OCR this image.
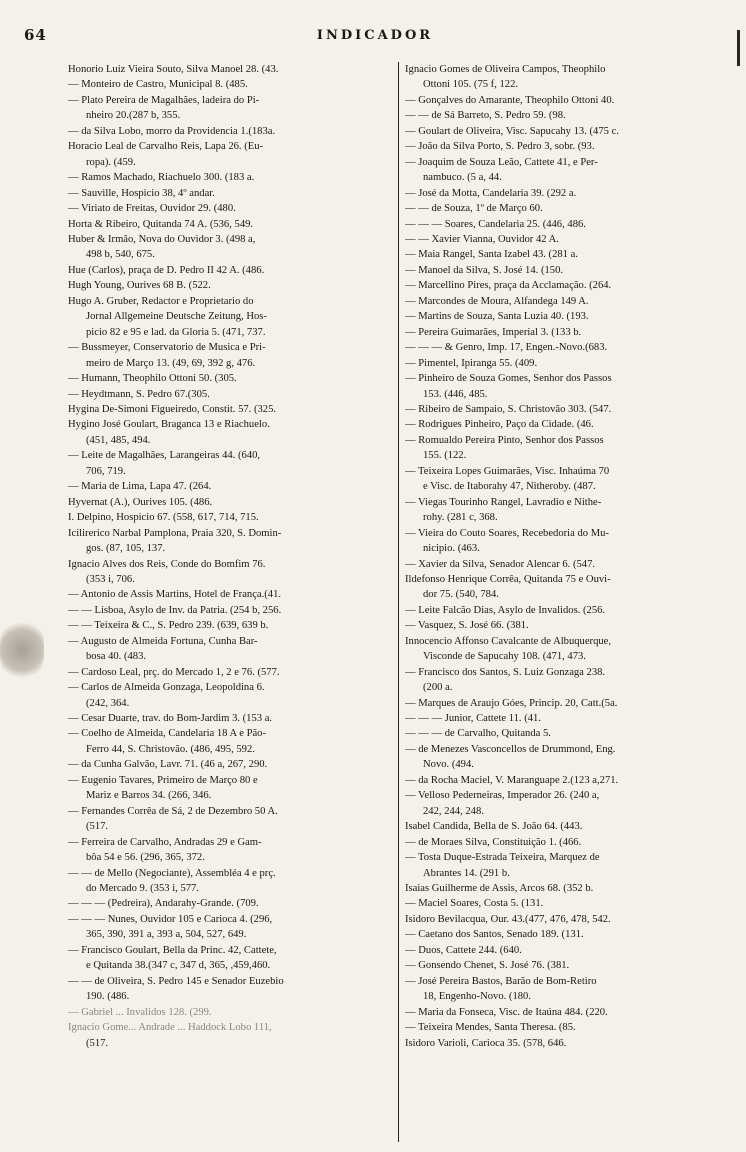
64	INDICADOR
Honorio Luiz Vieira Souto, Silva Manoel 28. (43.
— Monteiro de Castro, Municipal 8. (485.
— Plato Pereira de Magalhães, ladeira do Pi-
nheiro 20.(287 b, 355.
— da Silva Lobo, morro da Providencia 1.(183a.
Horacio Leal de Carvalho Reis, Lapa 26. (Eu-
ropa). (459.
— Ramos Machado, Riachuelo 300. (183 a.
— Sauville, Hospicio 38, 4º andar.
— Viriato de Freitas, Ouvidor 29. (480.
Horta & Ribeiro, Quitanda 74 A. (536, 549.
Huber & Irmão, Nova do Ouvidor 3. (498 a,
498 b, 540, 675.
Hue (Carlos), praça de D. Pedro II 42 A. (486.
Hugh Young, Ourives 68 B. (522.
Hugo A. Gruber, Redactor e Proprietario do
Jornal Allgemeine Deutsche Zeitung, Hos-
picio 82 e 95 e lad. da Gloria 5. (471, 737.
— Bussmeyer, Conservatorio de Musica e Pri-
meiro de Março 13. (49, 69, 392 g, 476.
— Humann, Theophilo Ottoni 50. (305.
— Heydtmann, S. Pedro 67.(305.
Hygina De-Simoni Figueiredo, Constit. 57. (325.
Hygino José Goulart, Braganca 13 e Riachuelo.
(451, 485, 494.
— Leite de Magalhães, Larangeiras 44. (640,
706, 719.
— Maria de Lima, Lapa 47. (264.
Hyvernat (A.), Ourives 105. (486.
I. Delpino, Hospicio 67. (558, 617, 714, 715.
Icilirerico Narbal Pamplona, Praia 320, S. Domin-
gos. (87, 105, 137.
Ignacio Alves dos Reis, Conde do Bomfim 76.
(353 i, 706.
— Antonio de Assis Martins, Hotel de França.(41.
— — Lisboa, Asylo de Inv. da Patria. (254 b, 256.
— — Teixeira & C., S. Pedro 239. (639, 639 b.
— Augusto de Almeida Fortuna, Cunha Bar-
bosa 40. (483.
— Cardoso Leal, prç. do Mercado 1, 2 e 76. (577.
— Carlos de Almeida Gonzaga, Leopoldina 6.
(242, 364.
— Cesar Duarte, trav. do Bom-Jardim 3. (153 a.
— Coelho de Almeida, Candelaria 18 A e Pão-
Ferro 44, S. Christovão. (486, 495, 592.
— da Cunha Galvão, Lavr. 71. (46 a, 267, 290.
— Eugenio Tavares, Primeiro de Março 80 e
Mariz e Barros 34. (266, 346.
— Fernandes Corrêa de Sá, 2 de Dezembro 50 A.
(517.
— Ferreira de Carvalho, Andradas 29 e Gam-
bôa 54 e 56. (296, 365, 372.
— — de Mello (Negociante), Assembléa 4 e prç.
do Mercado 9. (353 i, 577.
— — — (Pedreira), Andarahy-Grande. (709.
— — — Nunes, Ouvidor 105 e Carioca 4. (296,
365, 390, 391 a, 393 a, 504, 527, 649.
— Francisco Goulart, Bella da Princ. 42, Cattete,
e Quitanda 38.(347 c, 347 d, 365, ,459,460.
— — de Oliveira, S. Pedro 145 e Senador Euzebio
190. (486.
— Gabriel ... Invalidos 128. (299.
Ignacio Gome... Andrade ... Haddock Lobo 111,
(517.
Ignacio Gomes de Oliveira Campos, Theophilo
Ottoni 105. (75 f, 122.
— Gonçalves do Amarante, Theophilo Ottoni 40.
— — de Sá Barreto, S. Pedro 59. (98.
— Goulart de Oliveira, Visc. Sapucahy 13. (475 c.
— João da Silva Porto, S. Pedro 3, sobr. (93.
— Joaquim de Souza Leão, Cattete 41, e Per-
nambuco. (5 a, 44.
— José da Motta, Candelaria 39. (292 a.
— — de Souza, 1º de Março 60.
— — — Soares, Candelaria 25. (446, 486.
— — Xavier Vianna, Ouvidor 42 A.
— Maia Rangel, Santa Izabel 43. (281 a.
— Manoel da Silva, S. José 14. (150.
— Marcellino Pires, praça da Acclamação. (264.
— Marcondes de Moura, Alfandega 149 A.
— Martins de Souza, Santa Luzia 40. (193.
— Pereira Guimarães, Imperial 3. (133 b.
— — — & Genro, Imp. 17, Engen.-Novo.(683.
— Pimentel, Ipiranga 55. (409.
— Pinheiro de Souza Gomes, Senhor dos Passos
153. (446, 485.
— Ribeiro de Sampaio, S. Christovão 303. (547.
— Rodrigues Pinheiro, Paço da Cidade. (46.
— Romualdo Pereira Pinto, Senhor dos Passos
155. (122.
— Teixeira Lopes Guimarães, Visc. Inhaúma 70
e Visc. de Itaborahy 47, Nitheroby. (487.
— Viegas Tourinho Rangel, Lavradio e Nithe-
rohy. (281 c, 368.
— Vieira do Couto Soares, Recebedoria do Mu-
nicipio. (463.
— Xavier da Silva, Senador Alencar 6. (547.
Ildefonso Henrique Corrêa, Quitanda 75 e Ouvi-
dor 75. (540, 784.
— Leite Falcão Dias, Asylo de Invalidos. (256.
— Vasquez, S. José 66. (381.
Innocencio Affonso Cavalcante de Albuquerque,
Visconde de Sapucahy 108. (471, 473.
— Francisco dos Santos, S. Luiz Gonzaga 238.
(200 a.
— Marques de Araujo Góes, Princip. 20, Catt.(5a.
— — — Junior, Cattete 11. (41.
— — — de Carvalho, Quitanda 5.
— de Menezes Vasconcellos de Drummond, Eng.
Novo. (494.
— da Rocha Maciel, V. Maranguape 2.(123 a,271.
— Velloso Pederneiras, Imperador 26. (240 a,
242, 244, 248.
Isabel Candida, Bella de S. João 64. (443.
— de Moraes Silva, Constituição 1. (466.
— Tosta Duque-Estrada Teixeira, Marquez de
Abrantes 14. (291 b.
Isaias Guilherme de Assis, Arcos 68. (352 b.
— Maciel Soares, Costa 5. (131.
Isidoro Bevilacqua, Our. 43.(477, 476, 478, 542.
— Caetano dos Santos, Senado 189. (131.
— Duos, Cattete 244. (640.
— Gonsendo Chenet, S. José 76. (381.
— José Pereira Bastos, Barão de Bom-Retiro
18, Engenho-Novo. (180.
— Maria da Fonseca, Visc. de Itaúna 484. (220.
— Teixeira Mendes, Santa Theresa. (85.
Isidoro Varioli, Carioca 35. (578, 646.
